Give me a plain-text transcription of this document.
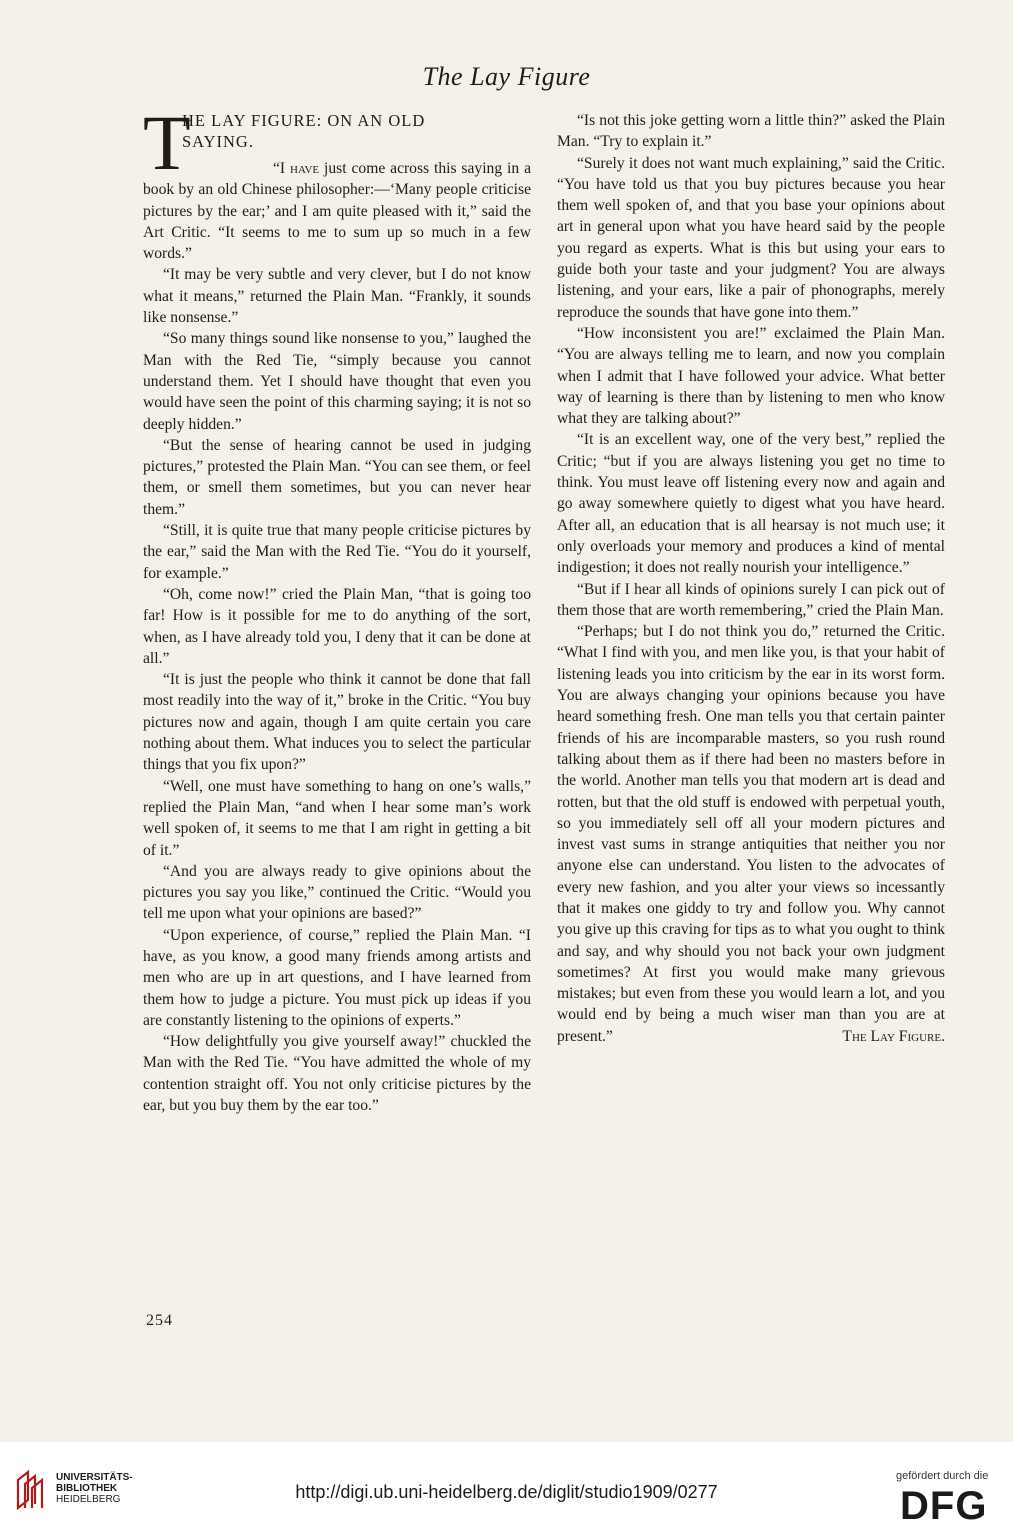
The Lay Figure
T
HE LAY FIGURE: ON AN OLD
SAYING.

“I have just come across this saying in a book by an old Chinese philosopher:—‘Many people criticise pictures by the ear;’ and I am quite pleased with it,” said the Art Critic. “It seems to me to sum up so much in a few words.”

“It may be very subtle and very clever, but I do not know what it means,” returned the Plain Man. “Frankly, it sounds like nonsense.”

“So many things sound like nonsense to you,” laughed the Man with the Red Tie, “simply because you cannot understand them. Yet I should have thought that even you would have seen the point of this charming saying; it is not so deeply hidden.”

“But the sense of hearing cannot be used in judging pictures,” protested the Plain Man. “You can see them, or feel them, or smell them sometimes, but you can never hear them.”

“Still, it is quite true that many people criticise pictures by the ear,” said the Man with the Red Tie. “You do it yourself, for example.”

“Oh, come now!” cried the Plain Man, “that is going too far! How is it possible for me to do anything of the sort, when, as I have already told you, I deny that it can be done at all.”

“It is just the people who think it cannot be done that fall most readily into the way of it,” broke in the Critic. “You buy pictures now and again, though I am quite certain you care nothing about them. What induces you to select the particular things that you fix upon?”

“Well, one must have something to hang on one’s walls,” replied the Plain Man, “and when I hear some man’s work well spoken of, it seems to me that I am right in getting a bit of it.”

“And you are always ready to give opinions about the pictures you say you like,” continued the Critic. “Would you tell me upon what your opinions are based?”

“Upon experience, of course,” replied the Plain Man. “I have, as you know, a good many friends among artists and men who are up in art questions, and I have learned from them how to judge a picture. You must pick up ideas if you are constantly listening to the opinions of experts.”

“How delightfully you give yourself away!” chuckled the Man with the Red Tie. “You have admitted the whole of my contention straight off. You not only criticise pictures by the ear, but you buy them by the ear too.”

“Is not this joke getting worn a little thin?” asked the Plain Man. “Try to explain it.”

“Surely it does not want much explaining,” said the Critic. “You have told us that you buy pictures because you hear them well spoken of, and that you base your opinions about art in general upon what you have heard said by the people you regard as experts. What is this but using your ears to guide both your taste and your judgment? You are always listening, and your ears, like a pair of phonographs, merely reproduce the sounds that have gone into them.”

“How inconsistent you are!” exclaimed the Plain Man. “You are always telling me to learn, and now you complain when I admit that I have followed your advice. What better way of learning is there than by listening to men who know what they are talking about?”

“It is an excellent way, one of the very best,” replied the Critic; “but if you are always listening you get no time to think. You must leave off listening every now and again and go away somewhere quietly to digest what you have heard. After all, an education that is all hearsay is not much use; it only overloads your memory and produces a kind of mental indigestion; it does not really nourish your intelligence.”

“But if I hear all kinds of opinions surely I can pick out of them those that are worth remembering,” cried the Plain Man.

“Perhaps; but I do not think you do,” returned the Critic. “What I find with you, and men like you, is that your habit of listening leads you into criticism by the ear in its worst form. You are always changing your opinions because you have heard something fresh. One man tells you that certain painter friends of his are incomparable masters, so you rush round talking about them as if there had been no masters before in the world. Another man tells you that modern art is dead and rotten, but that the old stuff is endowed with perpetual youth, so you immediately sell off all your modern pictures and invest vast sums in strange antiquities that neither you nor anyone else can understand. You listen to the advocates of every new fashion, and you alter your views so incessantly that it makes one giddy to try and follow you. Why cannot you give up this craving for tips as to what you ought to think and say, and why should you not back your own judgment sometimes? At first you would make many grievous mistakes; but even from these you would learn a lot, and you would end by being a much wiser man than you are at present.”	The Lay Figure.

254
UNIVERSITÄTS-
BIBLIOTHEK
HEIDELBERG	http://digi.ub.uni-heidelberg.de/diglit/studio1909/0277
gefördert durch die
DFG
